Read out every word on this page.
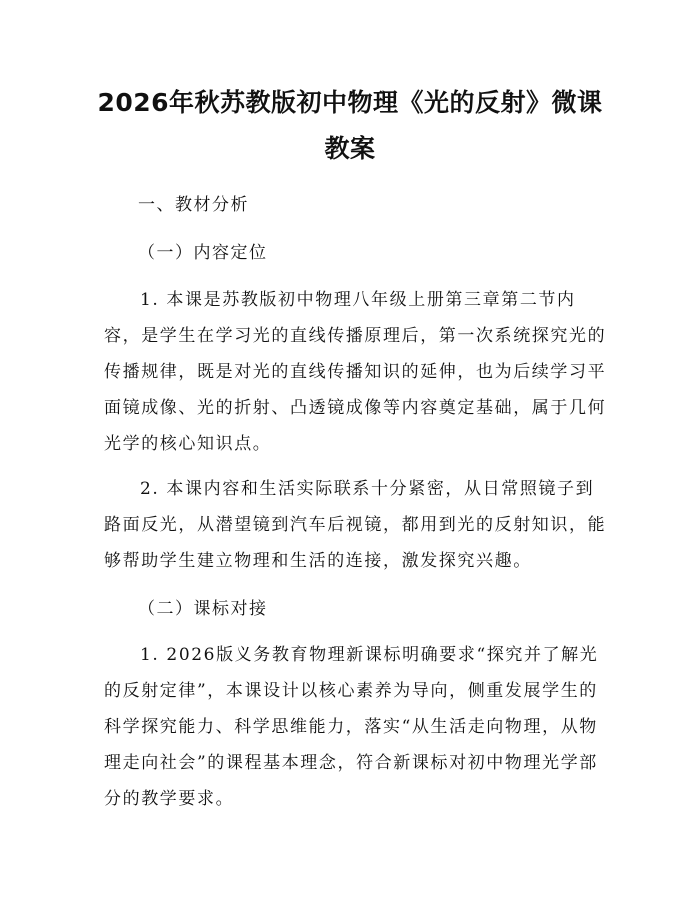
2026年秋苏教版初中物理《光的反射》微课
教案
一、教材分析
（一）内容定位
1. 本课是苏教版初中物理八年级上册第三章第二节内
容，是学生在学习光的直线传播原理后，第一次系统探究光的
传播规律，既是对光的直线传播知识的延伸，也为后续学习平
面镜成像、光的折射、凸透镜成像等内容奠定基础，属于几何
光学的核心知识点。
2. 本课内容和生活实际联系十分紧密，从日常照镜子到
路面反光，从潜望镜到汽车后视镜，都用到光的反射知识，能
够帮助学生建立物理和生活的连接，激发探究兴趣。
（二）课标对接
1. 2026版义务教育物理新课标明确要求“探究并了解光
的反射定律”，本课设计以核心素养为导向，侧重发展学生的
科学探究能力、科学思维能力，落实“从生活走向物理，从物
理走向社会”的课程基本理念，符合新课标对初中物理光学部
分的教学要求。
